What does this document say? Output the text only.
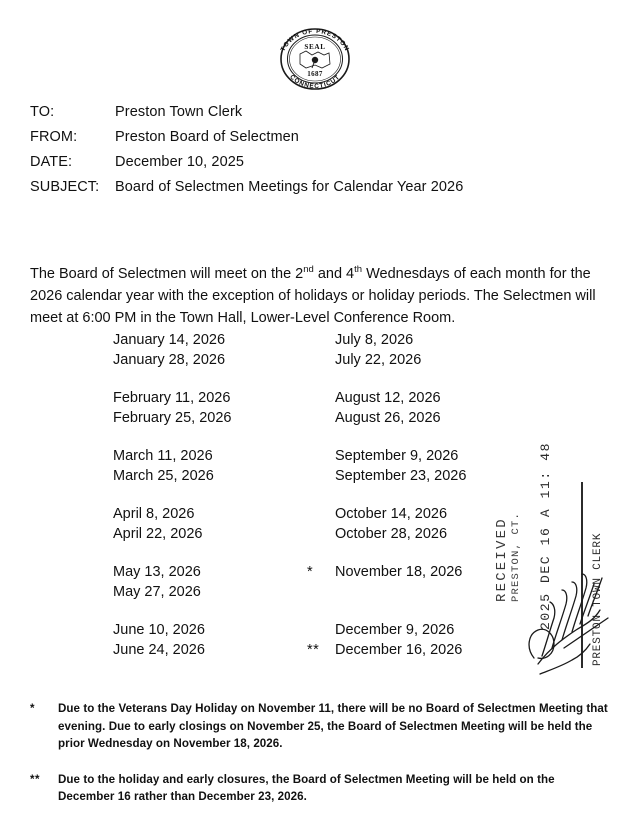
TOWN OF PRESTON
CONNECTICUT
SEAL
1687
TO:	Preston Town Clerk
FROM:	Preston Board of Selectmen
DATE:	December 10, 2025
SUBJECT:	Board of Selectmen Meetings for Calendar Year 2026

The Board of Selectmen will meet on the 2nd and 4th Wednesdays of each month for the 2026 calendar year with the exception of holidays or holiday periods. The Selectmen will meet at 6:00 PM in the Town Hall, Lower-Level Conference Room.

January 14, 2026	July 8, 2026
January 28, 2026	July 22, 2026
February 11, 2026	August 12, 2026
February 25, 2026	August 26, 2026
March 11, 2026	September 9, 2026
March 25, 2026	September 23, 2026
April 8, 2026	October 14, 2026
April 22, 2026	October 28, 2026
May 13, 2026	*	November 18, 2026
May 27, 2026
June 10, 2026	December 9, 2026
June 24, 2026	**	December 16, 2026
RECEIVED PRESTON, CT. 2025 DEC 16 A 11: 48	PRESTON TOWN CLERK
*	Due to the Veterans Day Holiday on November 11, there will be no Board of Selectmen Meeting that evening. Due to early closings on November 25, the Board of Selectmen Meeting will be held the prior Wednesday on November 18, 2026.
**	Due to the holiday and early closures, the Board of Selectmen Meeting will be held on the December 16 rather than December 23, 2026.
